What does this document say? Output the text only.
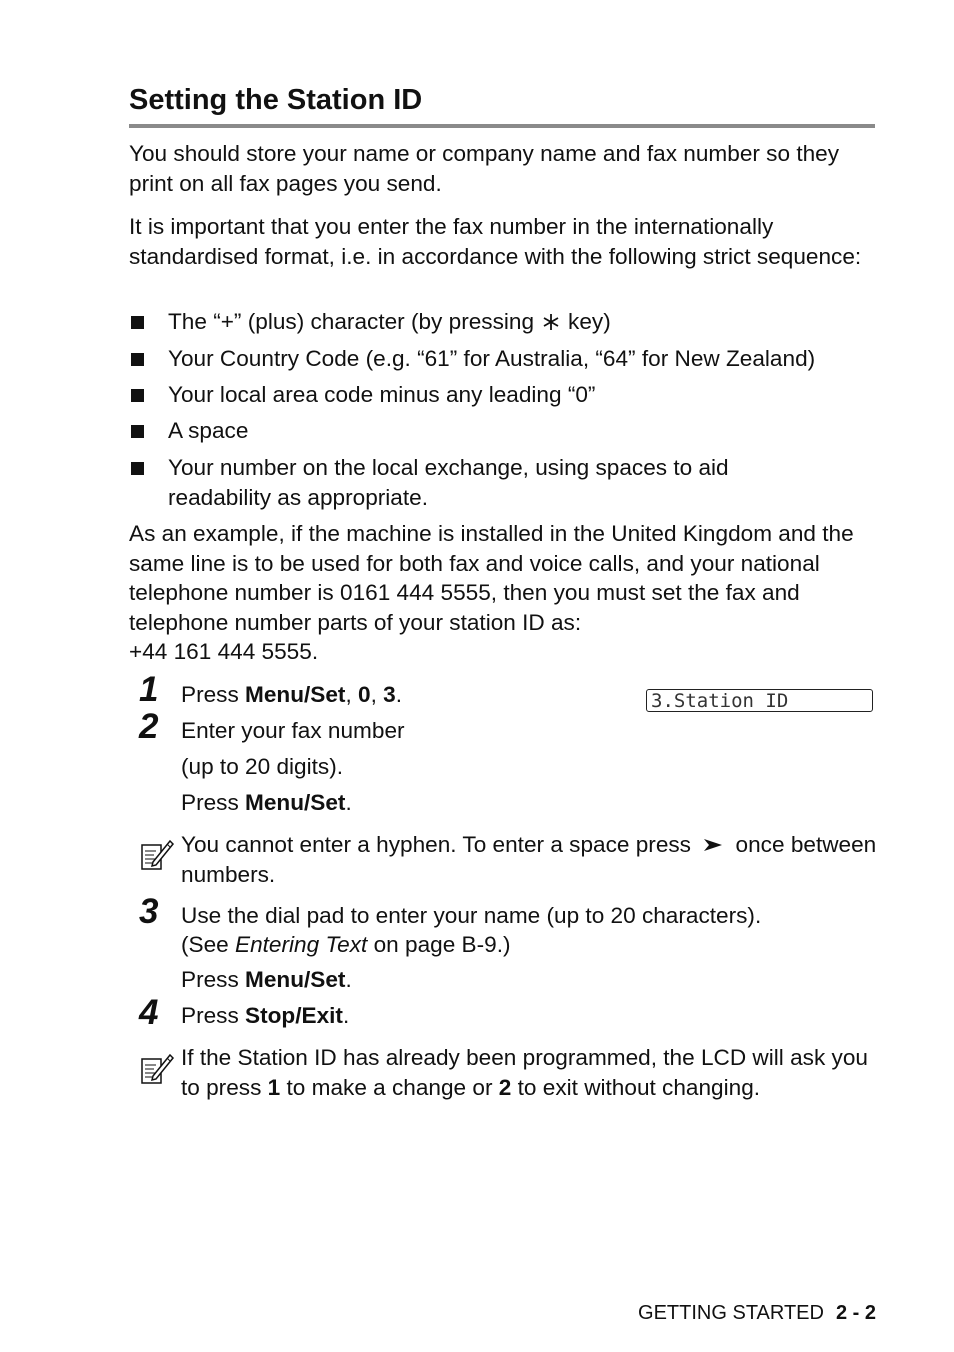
Setting the Station ID
You should store your name or company name and fax number so they print on all fax pages you send.
It is important that you enter the fax number in the internationally standardised format, i.e. in accordance with the following strict sequence:
The “+” (plus) character (by pressing key)
Your Country Code (e.g. “61” for Australia, “64” for New Zealand)
Your local area code minus any leading “0”
A space
Your number on the local exchange, using spaces to aid readability as appropriate.
As an example, if the machine is installed in the United Kingdom and the same line is to be used for both fax and voice calls, and your national telephone number is 0161 444 5555, then you must set the fax and telephone number parts of your station ID as:
+44 161 444 5555.
1 Press Menu/Set, 0, 3.	3.Station ID
2 Enter your fax number
(up to 20 digits).
Press Menu/Set.
You cannot enter a hyphen. To enter a space press once between numbers.
3 Use the dial pad to enter your name (up to 20 characters).
(See Entering Text on page B-9.)
Press Menu/Set.
4 Press Stop/Exit.
If the Station ID has already been programmed, the LCD will ask you to press 1 to make a change or 2 to exit without changing.
GETTING STARTED 2 - 2
